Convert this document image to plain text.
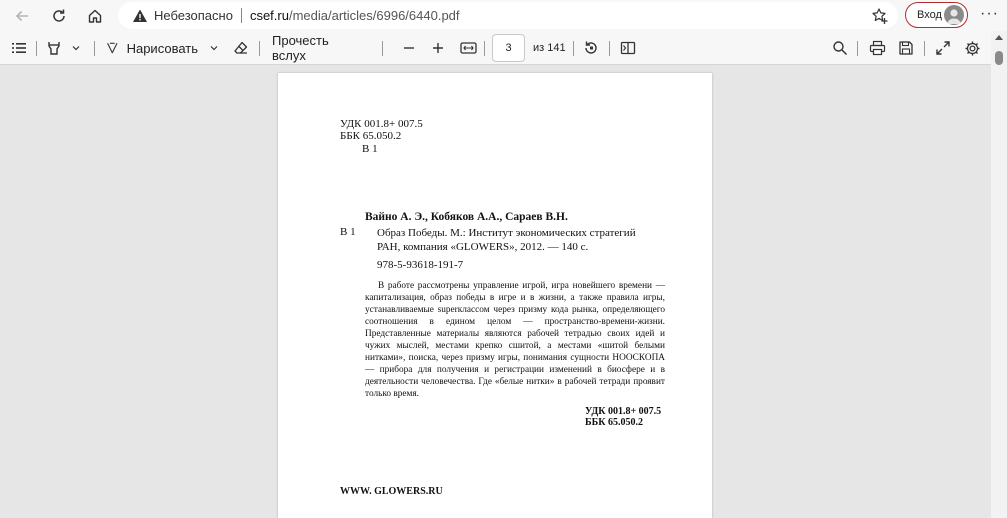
Небезопасно csef.ru /media/articles/6996/6440.pdf	Вход ···
Нарисовать	Прочесть вслух	3	из 141
УДК 001.8+ 007.5
ББК 65.050.2
В 1
Вайно А. Э., Кобяков А.А., Сараев В.Н.
В 1 Образ Победы. М.: Институт экономических стратегий
РАН, компания «GLOWERS», 2012. — 140 с.
978-5-93618-191-7

В работе рассмотрены управление игрой, игра новейшего времени — капитализация, образ победы в игре и в жизни, а также правила игры, устанавливаемые superклассом через призму кода рынка, определяющего соотношения в едином целом — пространство-времени-жизни. Представленные материалы являются рабочей тетрадью своих идей и чужих мыслей, местами крепко сшитой, а местами «шитой белыми нитками», поиска, через призму игры, понимания сущности НООСКОПА — прибора для получения и регистрации изменений в биосфере и в деятельности человечества. Где «белые нитки» в рабочей тетради проявит только время.

УДК 001.8+ 007.5
ББК 65.050.2
WWW. GLOWERS.RU
